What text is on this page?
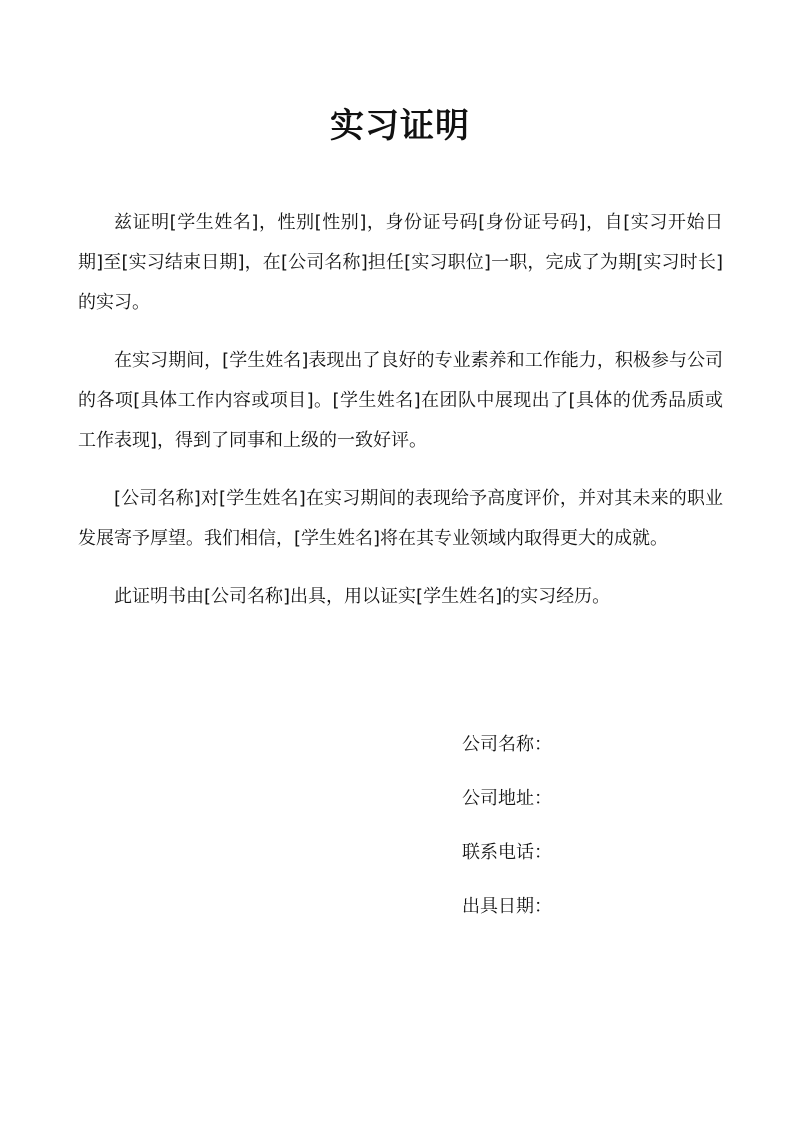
实习证明

兹证明[学生姓名]，性别[性别]，身份证号码[身份证号码]，自[实习开始日期]至[实习结束日期]，在[公司名称]担任[实习职位]一职，完成了为期[实习时长]的实习。

在实习期间，[学生姓名]表现出了良好的专业素养和工作能力，积极参与公司的各项[具体工作内容或项目]。[学生姓名]在团队中展现出了[具体的优秀品质或工作表现]，得到了同事和上级的一致好评。

[公司名称]对[学生姓名]在实习期间的表现给予高度评价，并对其未来的职业发展寄予厚望。我们相信，[学生姓名]将在其专业领域内取得更大的成就。

此证明书由[公司名称]出具，用以证实[学生姓名]的实习经历。

公司名称：
公司地址：
联系电话：
出具日期：
